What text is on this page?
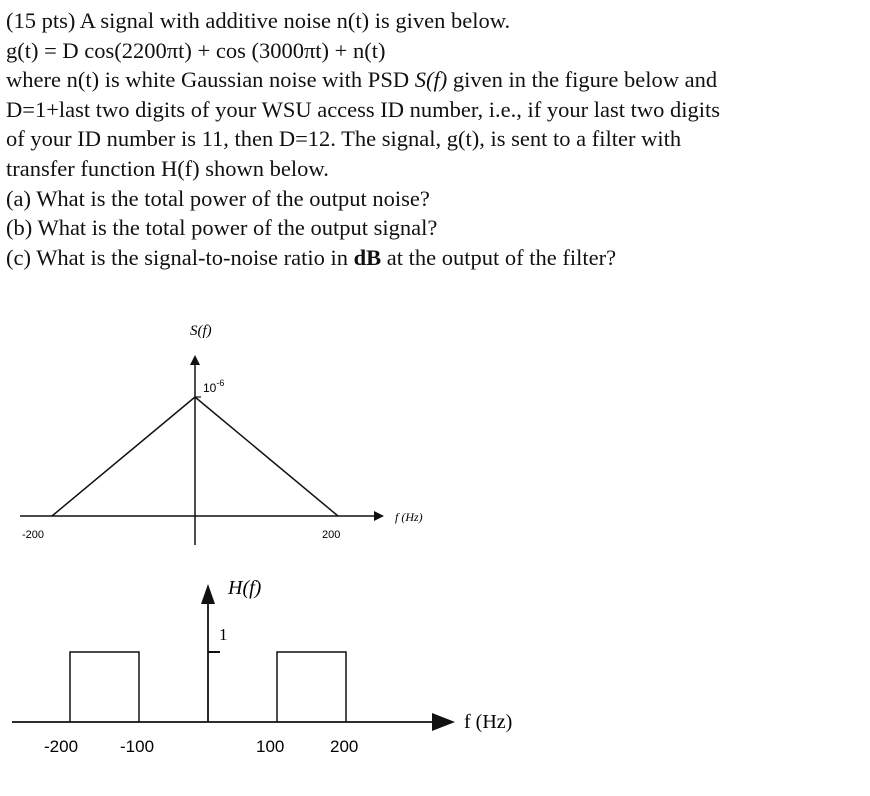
(15 pts) A signal with additive noise n(t) is given below.
g(t) = D cos(2200πt) + cos (3000πt) + n(t)
where n(t) is white Gaussian noise with PSD S(f) given in the figure below and
D=1+last two digits of your WSU access ID number, i.e., if your last two digits
of your ID number is 11, then D=12. The signal, g(t), is sent to a filter with
transfer function H(f) shown below.
(a) What is the total power of the output noise?
(b) What is the total power of the output signal?
(c) What is the signal-to-noise ratio in dB at the output of the filter?
S(f)
$10^{-6}$
-200	200
f (Hz)
H(f)
1
-200 -100	100	200
f (Hz)
